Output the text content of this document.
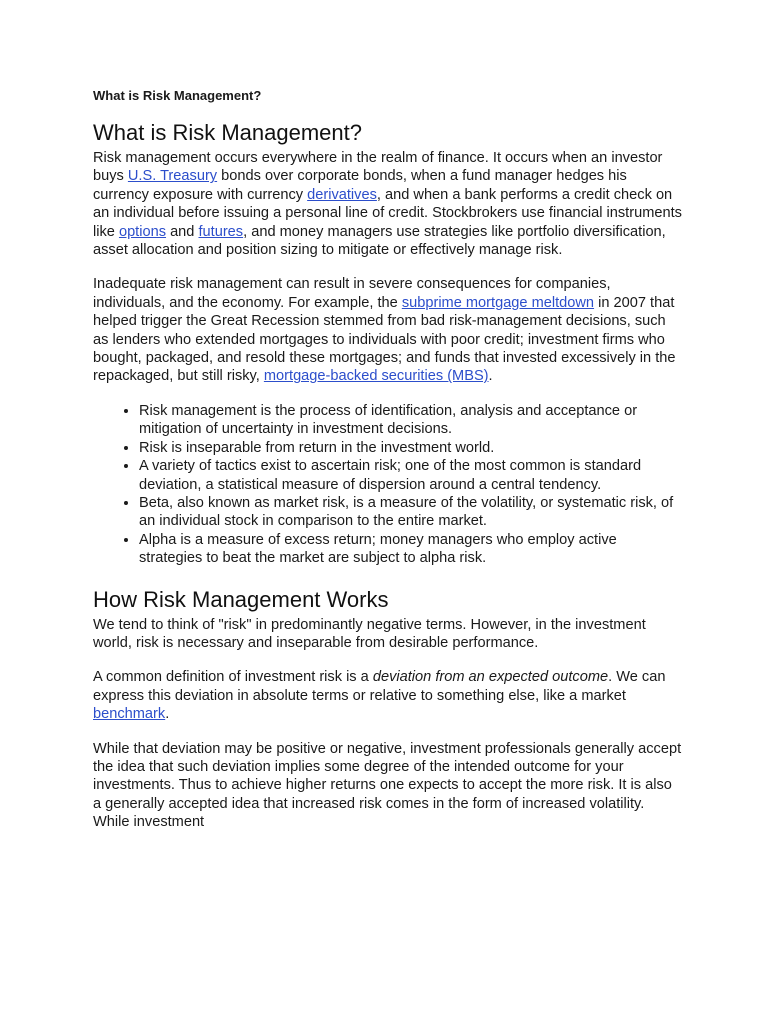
What is Risk Management?
What is Risk Management?

Risk management occurs everywhere in the realm of finance. It occurs when an investor buys U.S. Treasury bonds over corporate bonds, when a fund manager hedges his currency exposure with currency derivatives, and when a bank performs a credit check on an individual before issuing a personal line of credit. Stockbrokers use financial instruments like options and futures, and money managers use strategies like portfolio diversification, asset allocation and position sizing to mitigate or effectively manage risk.

Inadequate risk management can result in severe consequences for companies, individuals, and the economy. For example, the subprime mortgage meltdown in 2007 that helped trigger the Great Recession stemmed from bad risk-management decisions, such as lenders who extended mortgages to individuals with poor credit; investment firms who bought, packaged, and resold these mortgages; and funds that invested excessively in the repackaged, but still risky, mortgage-backed securities (MBS).

• Risk management is the process of identification, analysis and acceptance or mitigation of uncertainty in investment decisions.
• Risk is inseparable from return in the investment world.
• A variety of tactics exist to ascertain risk; one of the most common is standard deviation, a statistical measure of dispersion around a central tendency.
• Beta, also known as market risk, is a measure of the volatility, or systematic risk, of an individual stock in comparison to the entire market.
• Alpha is a measure of excess return; money managers who employ active strategies to beat the market are subject to alpha risk.
How Risk Management Works

We tend to think of "risk" in predominantly negative terms. However, in the investment world, risk is necessary and inseparable from desirable performance.

A common definition of investment risk is a deviation from an expected outcome. We can express this deviation in absolute terms or relative to something else, like a market benchmark.

While that deviation may be positive or negative, investment professionals generally accept the idea that such deviation implies some degree of the intended outcome for your investments. Thus to achieve higher returns one expects to accept the more risk. It is also a generally accepted idea that increased risk comes in the form of increased volatility. While investment
